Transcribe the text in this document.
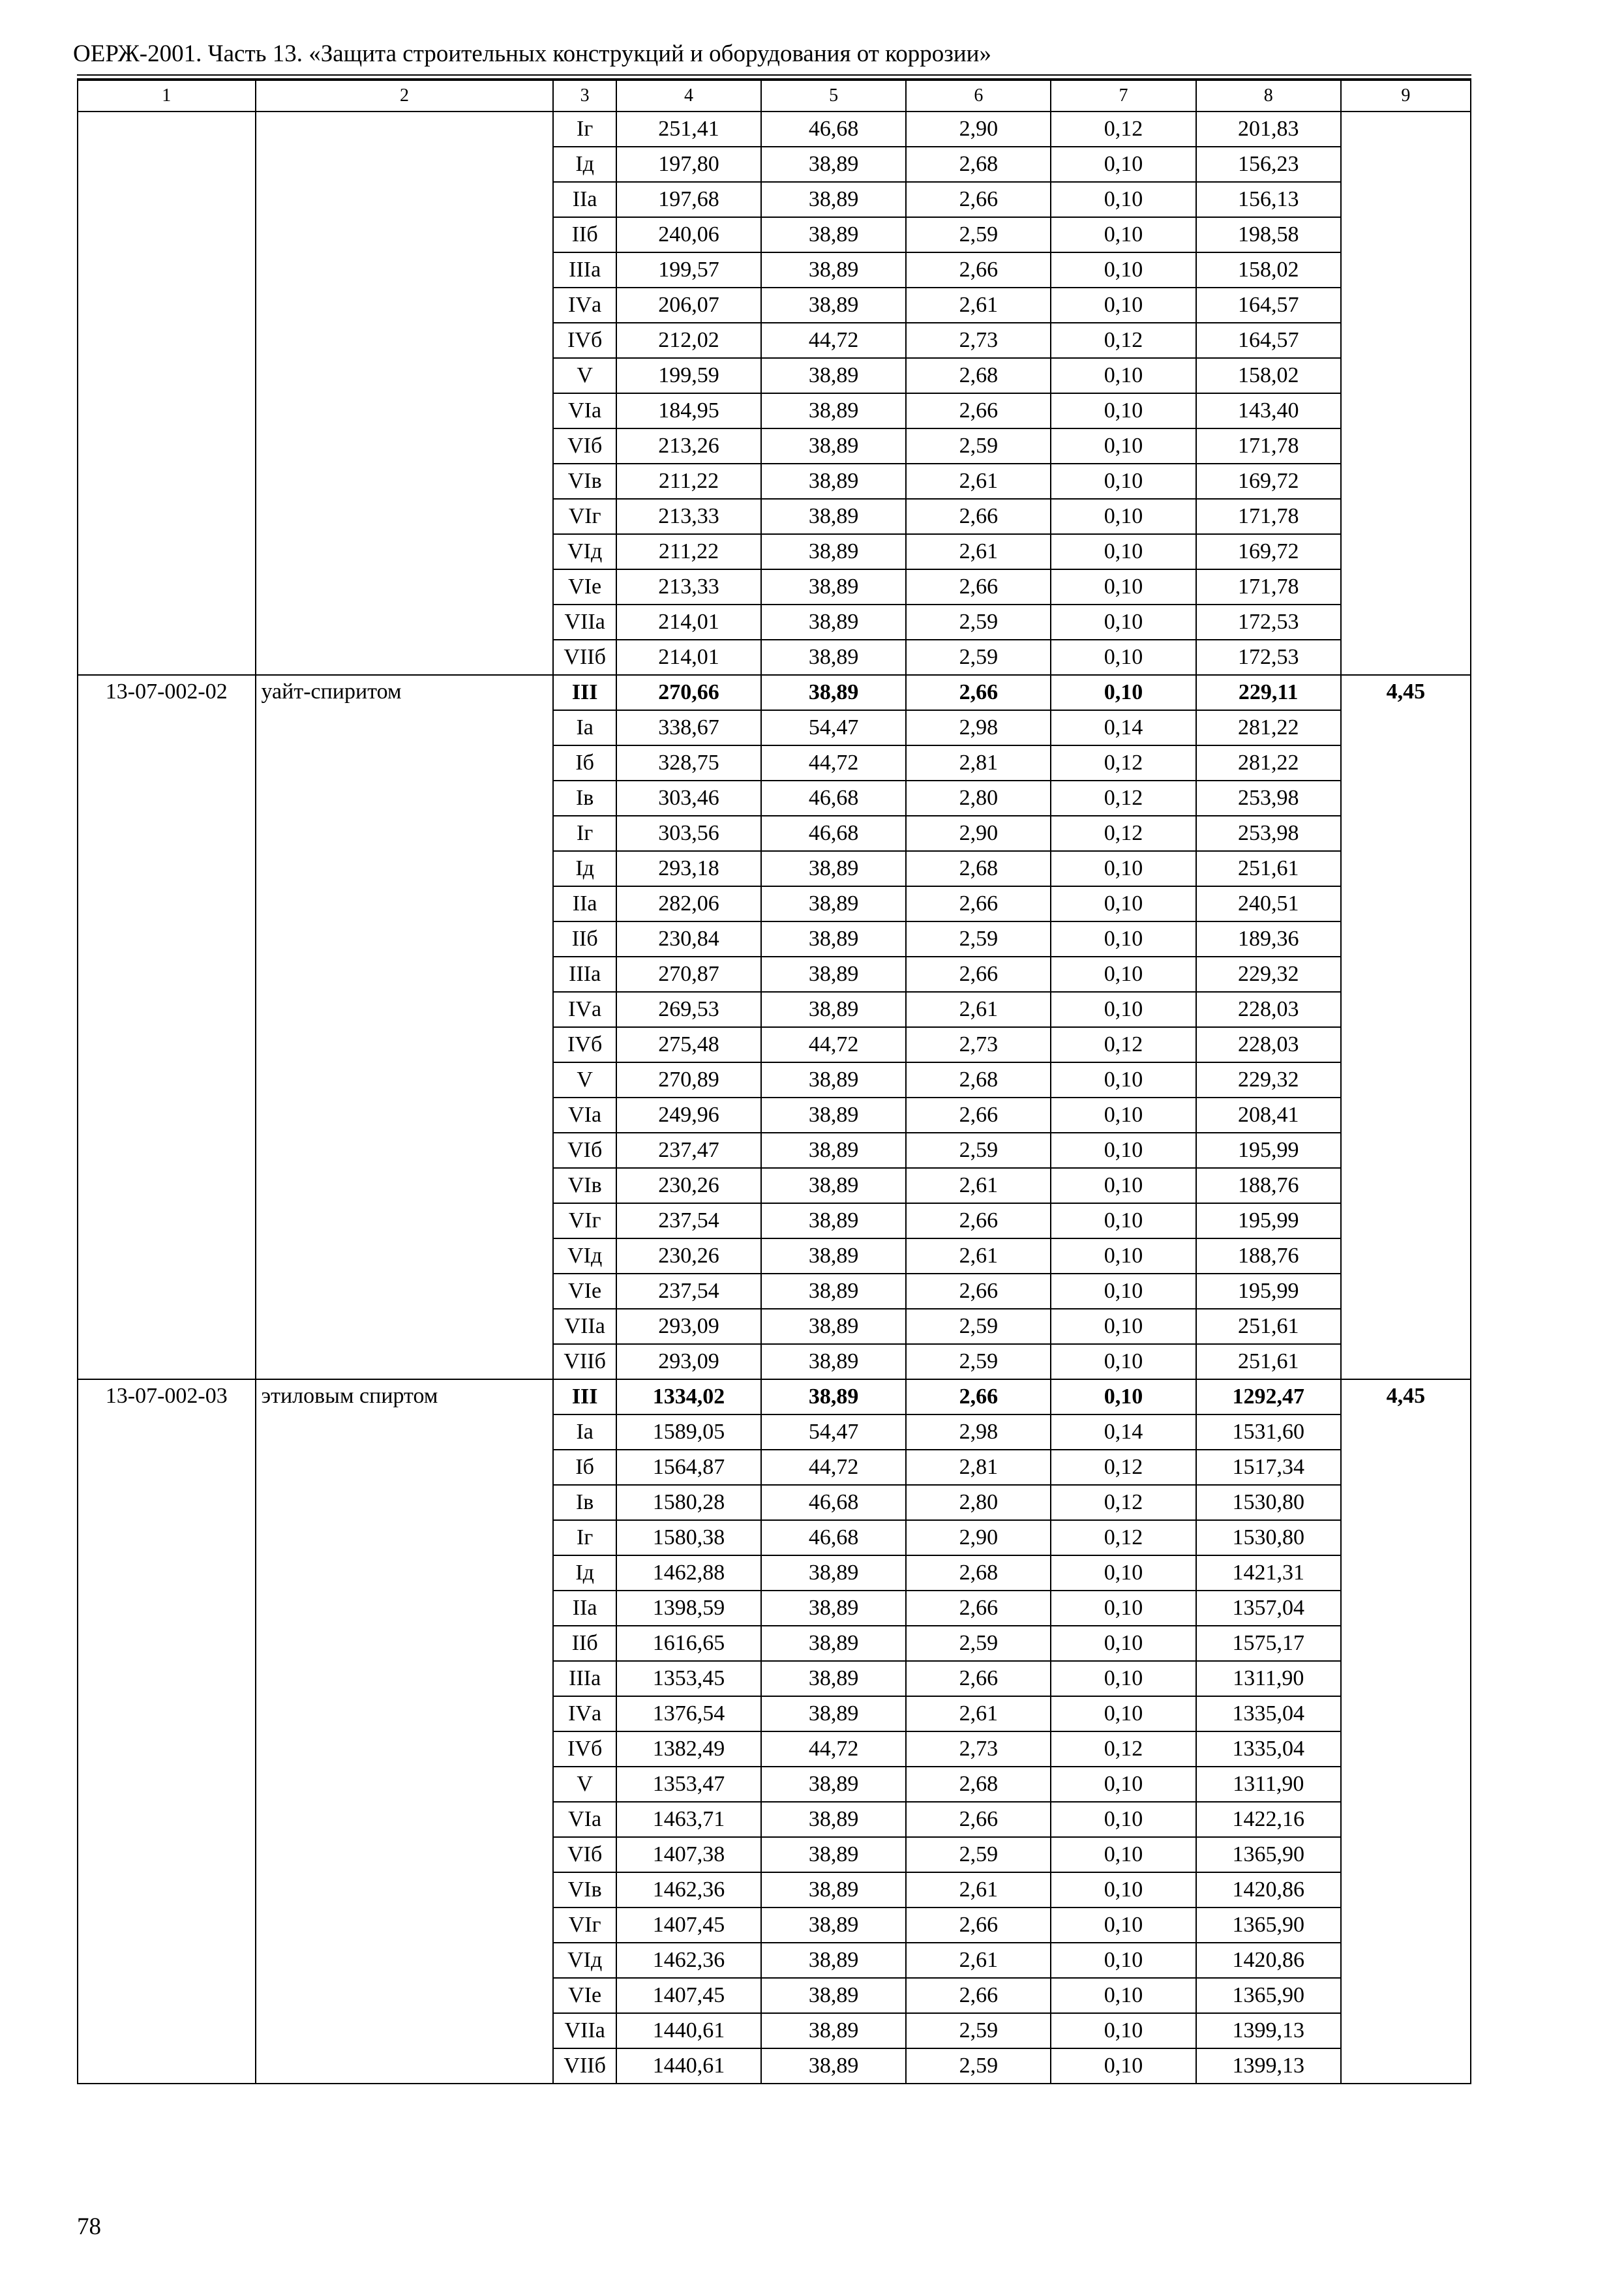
ОЕРЖ-2001. Часть 13. «Защита строительных конструкций и оборудования от коррозии»
1	2	3	4	5	6	7	8	9
		Iг	251,41	46,68	2,90	0,12	201,83	
		Iд	197,80	38,89	2,68	0,10	156,23	
		IIа	197,68	38,89	2,66	0,10	156,13	
		IIб	240,06	38,89	2,59	0,10	198,58	
		IIIа	199,57	38,89	2,66	0,10	158,02	
		IVа	206,07	38,89	2,61	0,10	164,57	
		IVб	212,02	44,72	2,73	0,12	164,57	
		V	199,59	38,89	2,68	0,10	158,02	
		VIа	184,95	38,89	2,66	0,10	143,40	
		VIб	213,26	38,89	2,59	0,10	171,78	
		VIв	211,22	38,89	2,61	0,10	169,72	
		VIг	213,33	38,89	2,66	0,10	171,78	
		VIд	211,22	38,89	2,61	0,10	169,72	
		VIе	213,33	38,89	2,66	0,10	171,78	
		VIIа	214,01	38,89	2,59	0,10	172,53	
		VIIб	214,01	38,89	2,59	0,10	172,53	
13-07-002-02	уайт-спиритом	III	270,66	38,89	2,66	0,10	229,11	4,45
		Iа	338,67	54,47	2,98	0,14	281,22	
		Iб	328,75	44,72	2,81	0,12	281,22	
		Iв	303,46	46,68	2,80	0,12	253,98	
		Iг	303,56	46,68	2,90	0,12	253,98	
		Iд	293,18	38,89	2,68	0,10	251,61	
		IIа	282,06	38,89	2,66	0,10	240,51	
		IIб	230,84	38,89	2,59	0,10	189,36	
		IIIа	270,87	38,89	2,66	0,10	229,32	
		IVа	269,53	38,89	2,61	0,10	228,03	
		IVб	275,48	44,72	2,73	0,12	228,03	
		V	270,89	38,89	2,68	0,10	229,32	
		VIа	249,96	38,89	2,66	0,10	208,41	
		VIб	237,47	38,89	2,59	0,10	195,99	
		VIв	230,26	38,89	2,61	0,10	188,76	
		VIг	237,54	38,89	2,66	0,10	195,99	
		VIд	230,26	38,89	2,61	0,10	188,76	
		VIе	237,54	38,89	2,66	0,10	195,99	
		VIIа	293,09	38,89	2,59	0,10	251,61	
		VIIб	293,09	38,89	2,59	0,10	251,61	
13-07-002-03	этиловым спиртом	III	1334,02	38,89	2,66	0,10	1292,47	4,45
		Iа	1589,05	54,47	2,98	0,14	1531,60	
		Iб	1564,87	44,72	2,81	0,12	1517,34	
		Iв	1580,28	46,68	2,80	0,12	1530,80	
		Iг	1580,38	46,68	2,90	0,12	1530,80	
		Iд	1462,88	38,89	2,68	0,10	1421,31	
		IIа	1398,59	38,89	2,66	0,10	1357,04	
		IIб	1616,65	38,89	2,59	0,10	1575,17	
		IIIа	1353,45	38,89	2,66	0,10	1311,90	
		IVа	1376,54	38,89	2,61	0,10	1335,04	
		IVб	1382,49	44,72	2,73	0,12	1335,04	
		V	1353,47	38,89	2,68	0,10	1311,90	
		VIа	1463,71	38,89	2,66	0,10	1422,16	
		VIб	1407,38	38,89	2,59	0,10	1365,90	
		VIв	1462,36	38,89	2,61	0,10	1420,86	
		VIг	1407,45	38,89	2,66	0,10	1365,90	
		VIд	1462,36	38,89	2,61	0,10	1420,86	
		VIе	1407,45	38,89	2,66	0,10	1365,90	
		VIIа	1440,61	38,89	2,59	0,10	1399,13	
		VIIб	1440,61	38,89	2,59	0,10	1399,13	
78
